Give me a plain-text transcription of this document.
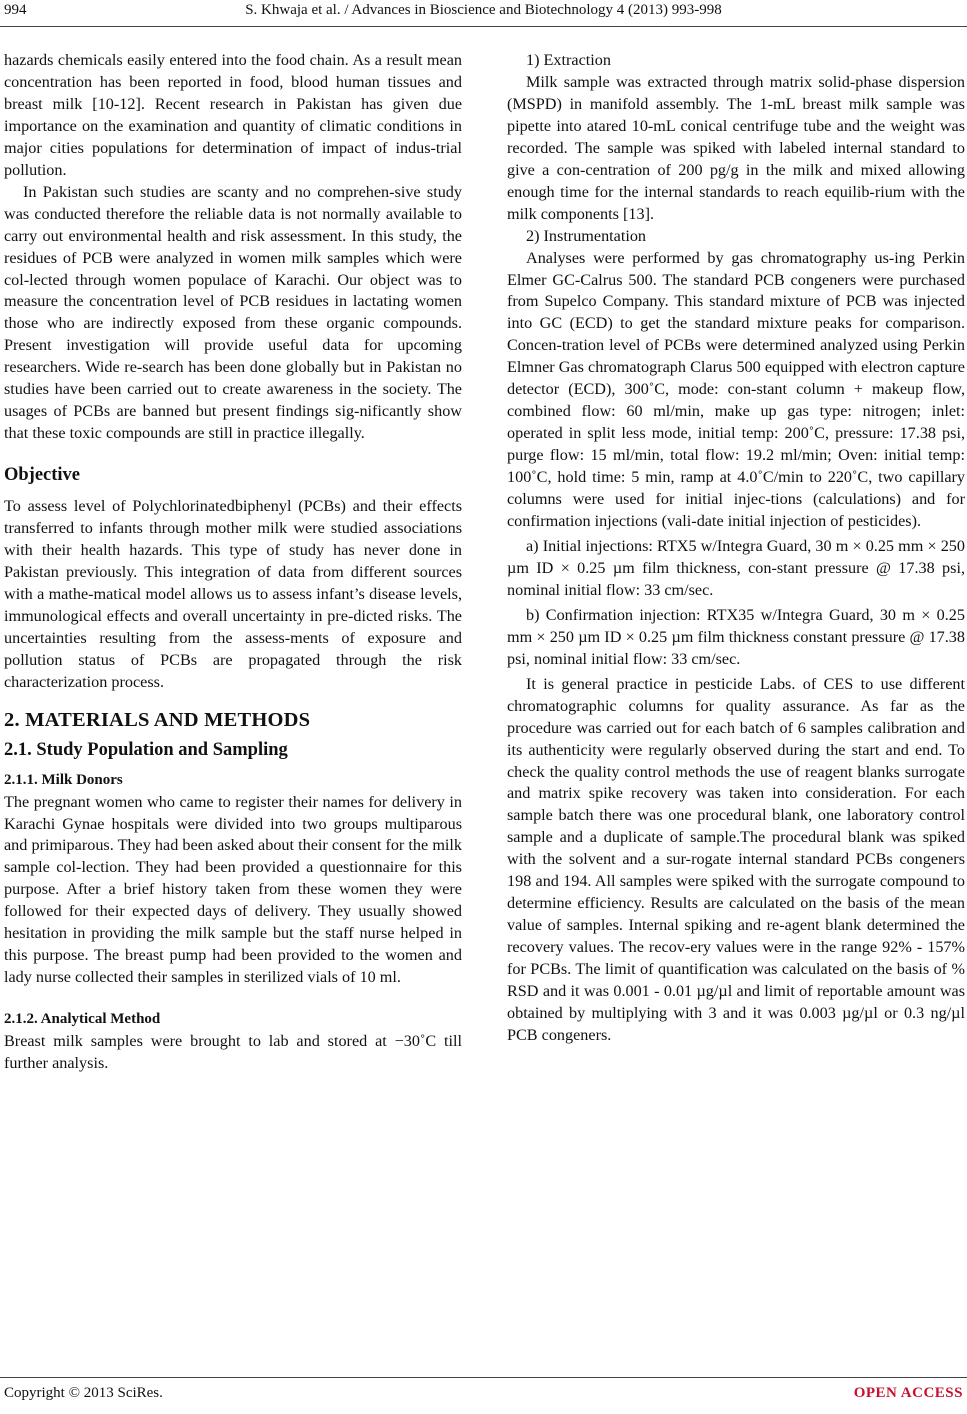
994	S. Khwaja et al. / Advances in Bioscience and Biotechnology 4 (2013) 993-998

hazards chemicals easily entered into the food chain. As a result mean concentration has been reported in food, blood human tissues and breast milk [10-12]. Recent research in Pakistan has given due importance on the examination and quantity of climatic conditions in major cities populations for determination of impact of indus-trial pollution.

In Pakistan such studies are scanty and no comprehen-sive study was conducted therefore the reliable data is not normally available to carry out environmental health and risk assessment. In this study, the residues of PCB were analyzed in women milk samples which were col-lected through women populace of Karachi. Our object was to measure the concentration level of PCB residues in lactating women those who are indirectly exposed from these organic compounds. Present investigation will provide useful data for upcoming researchers. Wide re-search has been done globally but in Pakistan no studies have been carried out to create awareness in the society. The usages of PCBs are banned but present findings sig-nificantly show that these toxic compounds are still in practice illegally.

Objective

To assess level of Polychlorinatedbiphenyl (PCBs) and their effects transferred to infants through mother milk were studied associations with their health hazards. This type of study has never done in Pakistan previously. This integration of data from different sources with a mathe-matical model allows us to assess infant’s disease levels, immunological effects and overall uncertainty in pre-dicted risks. The uncertainties resulting from the assess-ments of exposure and pollution status of PCBs are propagated through the risk characterization process.

2. MATERIALS AND METHODS
2.1. Study Population and Sampling
2.1.1. Milk Donors

The pregnant women who came to register their names for delivery in Karachi Gynae hospitals were divided into two groups multiparous and primiparous. They had been asked about their consent for the milk sample col-lection. They had been provided a questionnaire for this purpose. After a brief history taken from these women they were followed for their expected days of delivery. They usually showed hesitation in providing the milk sample but the staff nurse helped in this purpose. The breast pump had been provided to the women and lady nurse collected their samples in sterilized vials of 10 ml.

2.1.2. Analytical Method

Breast milk samples were brought to lab and stored at −30˚C till further analysis.

1) Extraction

Milk sample was extracted through matrix solid-phase dispersion (MSPD) in manifold assembly. The 1-mL breast milk sample was pipette into atared 10-mL conical centrifuge tube and the weight was recorded. The sample was spiked with labeled internal standard to give a con-centration of 200 pg/g in the milk and mixed allowing enough time for the internal standards to reach equilib-rium with the milk components [13].

2) Instrumentation

Analyses were performed by gas chromatography us-ing Perkin Elmer GC-Calrus 500. The standard PCB congeners were purchased from Supelco Company. This standard mixture of PCB was injected into GC (ECD) to get the standard mixture peaks for comparison. Concen-tration level of PCBs were determined analyzed using Perkin Elmner Gas chromatograph Clarus 500 equipped with electron capture detector (ECD), 300˚C, mode: con-stant column + makeup flow, combined flow: 60 ml/min, make up gas type: nitrogen; inlet: operated in split less mode, initial temp: 200˚C, pressure: 17.38 psi, purge flow: 15 ml/min, total flow: 19.2 ml/min; Oven: initial temp: 100˚C, hold time: 5 min, ramp at 4.0˚C/min to 220˚C, two capillary columns were used for initial injec-tions (calculations) and for confirmation injections (vali-date initial injection of pesticides).

a) Initial injections: RTX5 w/Integra Guard, 30 m × 0.25 mm × 250 µm ID × 0.25 µm film thickness, con-stant pressure @ 17.38 psi, nominal initial flow: 33 cm/sec.

b) Confirmation injection: RTX35 w/Integra Guard, 30 m × 0.25 mm × 250 µm ID × 0.25 µm film thickness constant pressure @ 17.38 psi, nominal initial flow: 33 cm/sec.

It is general practice in pesticide Labs. of CES to use different chromatographic columns for quality assurance. As far as the procedure was carried out for each batch of 6 samples calibration and its authenticity were regularly observed during the start and end. To check the quality control methods the use of reagent blanks surrogate and matrix spike recovery was taken into consideration. For each sample batch there was one procedural blank, one laboratory control sample and a duplicate of sample.The procedural blank was spiked with the solvent and a sur-rogate internal standard PCBs congeners 198 and 194. All samples were spiked with the surrogate compound to determine efficiency. Results are calculated on the basis of the mean value of samples. Internal spiking and re-agent blank determined the recovery values. The recov-ery values were in the range 92% - 157% for PCBs. The limit of quantification was calculated on the basis of % RSD and it was 0.001 - 0.01 µg/µl and limit of reportable amount was obtained by multiplying with 3 and it was 0.003 µg/µl or 0.3 ng/µl PCB congeners.

Copyright © 2013 SciRes.	OPEN ACCESS
